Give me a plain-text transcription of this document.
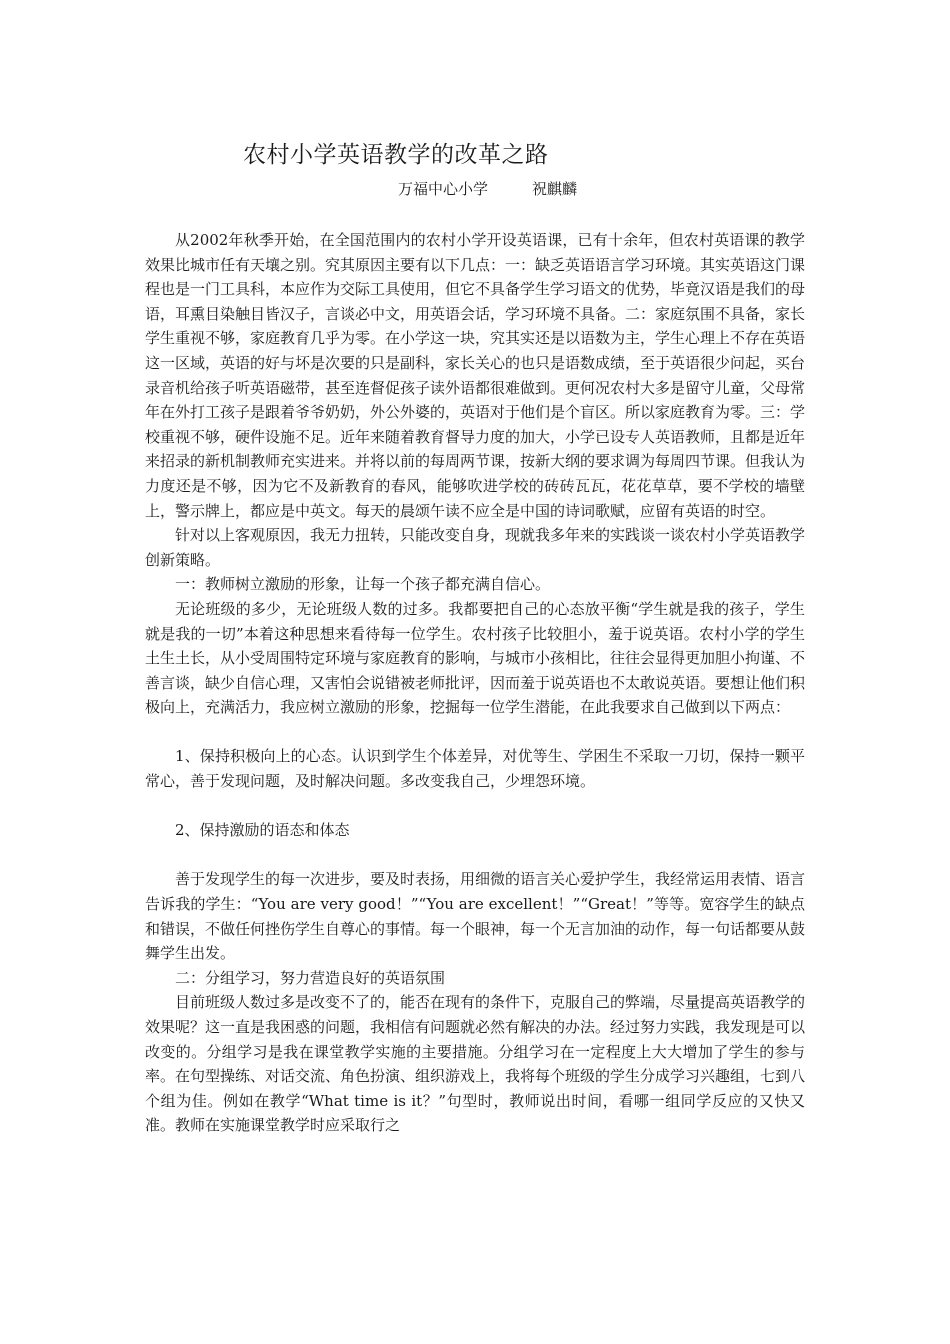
农村小学英语教学的改革之路
万福中心小学	祝麒麟

从2002年秋季开始，在全国范围内的农村小学开设英语课，已有十余年，但农村英语课的教学效果比城市任有天壤之别。究其原因主要有以下几点：一：缺乏英语语言学习环境。其实英语这门课程也是一门工具科，本应作为交际工具使用，但它不具备学生学习语文的优势，毕竟汉语是我们的母语，耳熏目染触目皆汉子，言谈必中文，用英语会话，学习环境不具备。二：家庭氛围不具备，家长学生重视不够，家庭教育几乎为零。在小学这一块，究其实还是以语数为主，学生心理上不存在英语这一区域，英语的好与坏是次要的只是副科，家长关心的也只是语数成绩，至于英语很少问起，买台录音机给孩子听英语磁带，甚至连督促孩子读外语都很难做到。更何况农村大多是留守儿童，父母常年在外打工孩子是跟着爷爷奶奶，外公外婆的，英语对于他们是个盲区。所以家庭教育为零。三：学校重视不够，硬件设施不足。近年来随着教育督导力度的加大，小学已设专人英语教师，且都是近年来招录的新机制教师充实进来。并将以前的每周两节课，按新大纲的要求调为每周四节课。但我认为力度还是不够，因为它不及新教育的春风，能够吹进学校的砖砖瓦瓦，花花草草，要不学校的墙壁上，警示牌上，都应是中英文。每天的晨颂午读不应全是中国的诗词歌赋，应留有英语的时空。

针对以上客观原因，我无力扭转，只能改变自身，现就我多年来的实践谈一谈农村小学英语教学创新策略。

一：教师树立激励的形象，让每一个孩子都充满自信心。

无论班级的多少，无论班级人数的过多。我都要把自己的心态放平衡“学生就是我的孩子，学生就是我的一切”本着这种思想来看待每一位学生。农村孩子比较胆小，羞于说英语。农村小学的学生土生土长，从小受周围特定环境与家庭教育的影响，与城市小孩相比，往往会显得更加胆小拘谨、不善言谈，缺少自信心理，又害怕会说错被老师批评，因而羞于说英语也不太敢说英语。要想让他们积极向上，充满活力，我应树立激励的形象，挖掘每一位学生潜能，在此我要求自己做到以下两点：

1、保持积极向上的心态。认识到学生个体差异，对优等生、学困生不采取一刀切，保持一颗平常心，善于发现问题，及时解决问题。多改变我自己，少埋怨环境。

2、保持激励的语态和体态

善于发现学生的每一次进步，要及时表扬，用细微的语言关心爱护学生，我经常运用表情、语言告诉我的学生：“You are very good！”“You are excellent！”“Great！”等等。宽容学生的缺点和错误，不做任何挫伤学生自尊心的事情。每一个眼神，每一个无言加油的动作，每一句话都要从鼓舞学生出发。

二：分组学习，努力营造良好的英语氛围

目前班级人数过多是改变不了的，能否在现有的条件下，克服自己的弊端，尽量提高英语教学的效果呢？这一直是我困惑的问题，我相信有问题就必然有解决的办法。经过努力实践，我发现是可以改变的。分组学习是我在课堂教学实施的主要措施。分组学习在一定程度上大大增加了学生的参与率。在句型操练、对话交流、角色扮演、组织游戏上，我将每个班级的学生分成学习兴趣组，七到八个组为佳。例如在教学“What time is it？”句型时，教师说出时间，看哪一组同学反应的又快又准。教师在实施课堂教学时应采取行之
